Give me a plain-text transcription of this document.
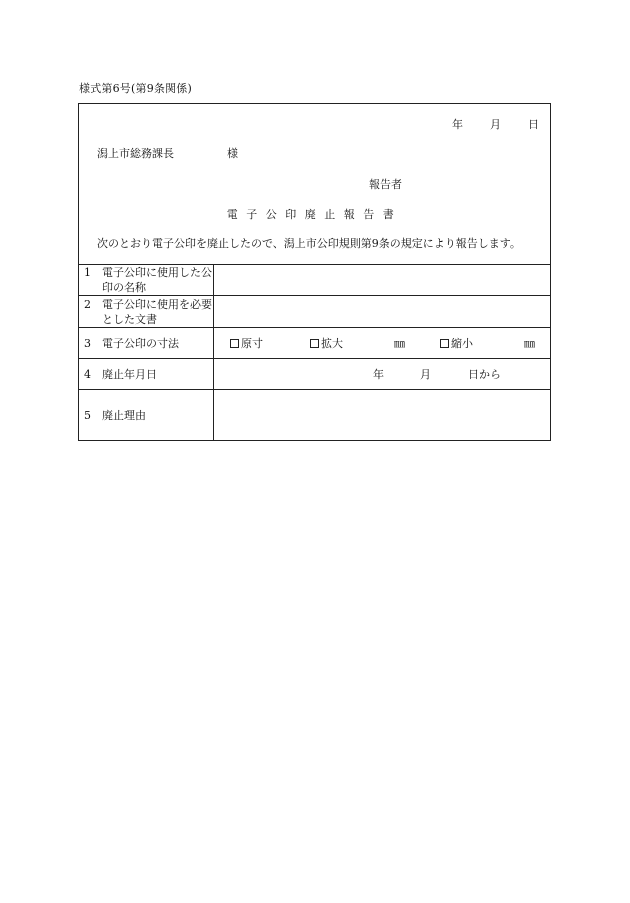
様式第6号(第9条関係)
年	月	日
潟上市総務課長	様
報告者
電子公印廃止報告書
次のとおり電子公印を廃止したので、潟上市公印規則第9条の規定により報告します。
1 電子公印に使用した公印の名称	

2 電子公印に使用を必要とした文書	

3 電子公印の寸法	原寸 拡大 ㎜ 縮小 ㎜

4 廃止年月日	年 月 日から

5 廃止理由	
